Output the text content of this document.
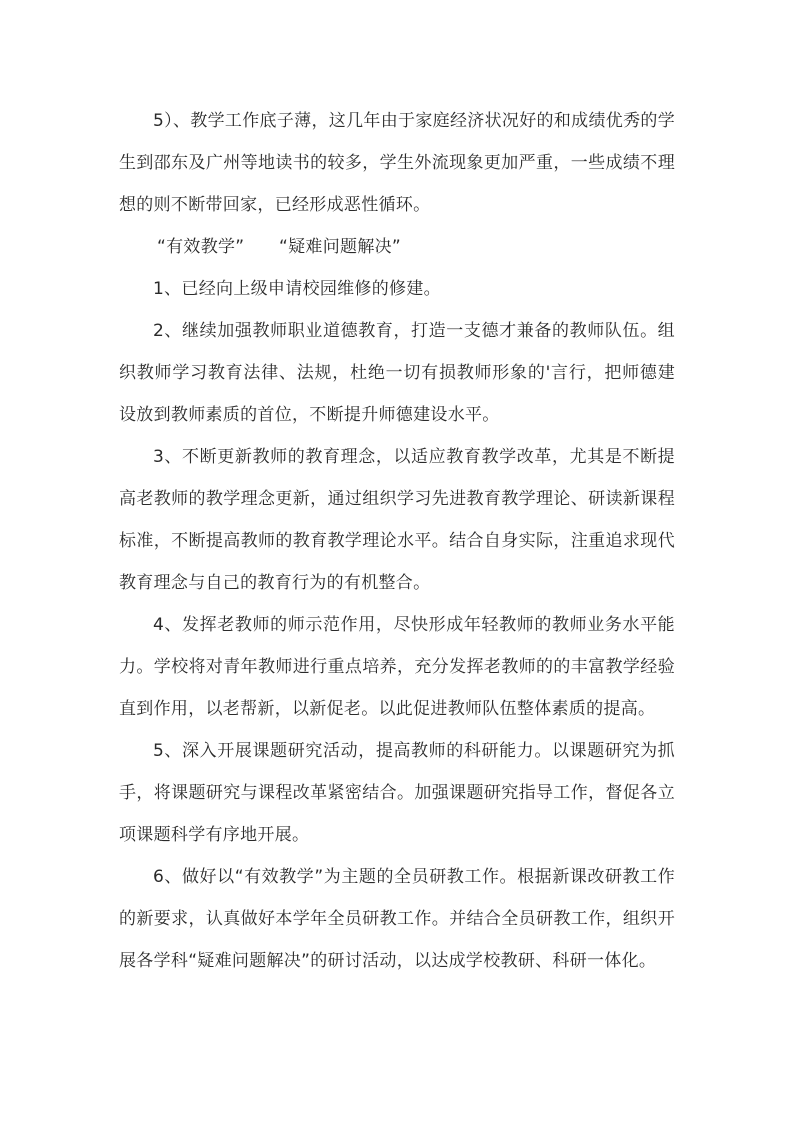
5）、教学工作底子薄，这几年由于家庭经济状况好的和成绩优秀的学生到邵东及广州等地读书的较多，学生外流现象更加严重，一些成绩不理想的则不断带回家，已经形成恶性循环。

“有效教学”　　“疑难问题解决”

1、已经向上级申请校园维修的修建。

2、继续加强教师职业道德教育，打造一支德才兼备的教师队伍。组织教师学习教育法律、法规，杜绝一切有损教师形象的'言行，把师德建设放到教师素质的首位，不断提升师德建设水平。

3、不断更新教师的教育理念，以适应教育教学改革，尤其是不断提高老教师的教学理念更新，通过组织学习先进教育教学理论、研读新课程标准，不断提高教师的教育教学理论水平。结合自身实际，注重追求现代教育理念与自己的教育行为的有机整合。

4、发挥老教师的师示范作用，尽快形成年轻教师的教师业务水平能力。学校将对青年教师进行重点培养，充分发挥老教师的的丰富教学经验直到作用，以老帮新，以新促老。以此促进教师队伍整体素质的提高。

5、深入开展课题研究活动，提高教师的科研能力。以课题研究为抓手，将课题研究与课程改革紧密结合。加强课题研究指导工作，督促各立项课题科学有序地开展。

6、做好以“有效教学”为主题的全员研教工作。根据新课改研教工作的新要求，认真做好本学年全员研教工作。并结合全员研教工作，组织开展各学科“疑难问题解决”的研讨活动，以达成学校教研、科研一体化。
